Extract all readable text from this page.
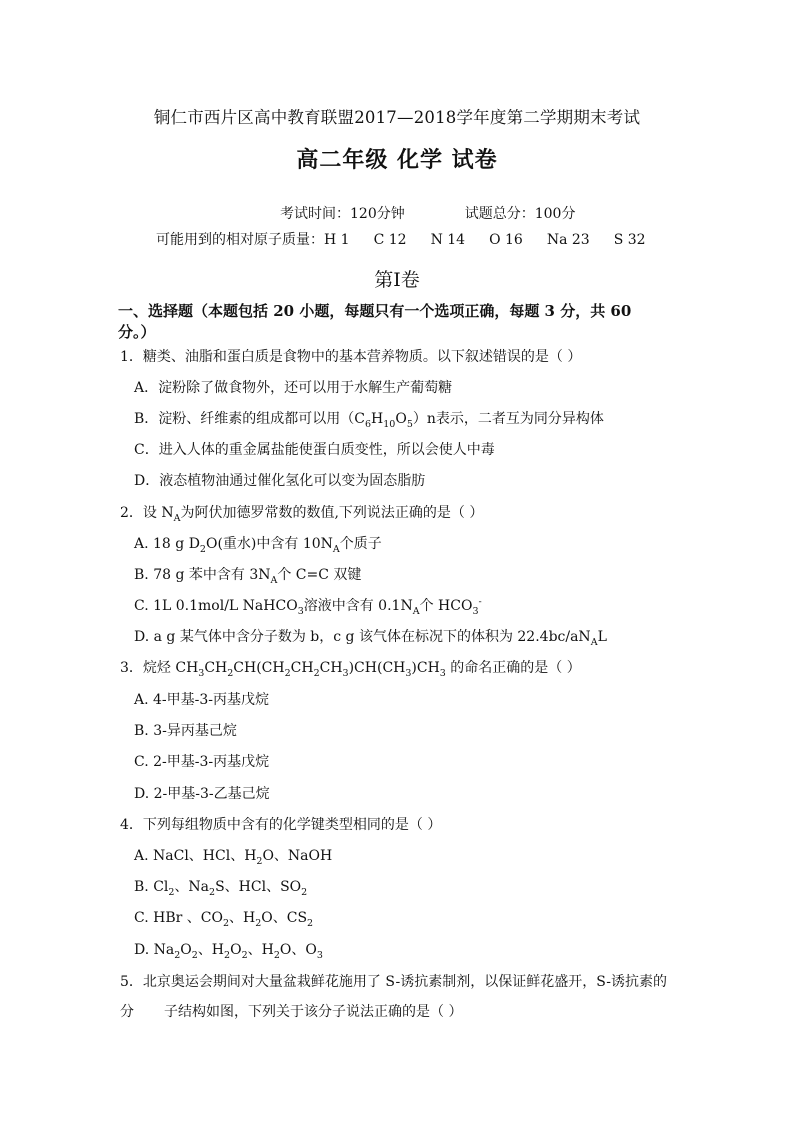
铜仁市西片区高中教育联盟2017—2018学年度第二学期期末考试
高二年级 化学 试卷
考试时间：120分钟	试题总分：100分
可能用到的相对原子质量：H 1 C 12 N 14 O 16 Na 23 S 32
第Ⅰ卷
一、选择题（本题包括 20 小题，每题只有一个选项正确，每题 3 分，共 60
分。）
1．糖类、油脂和蛋白质是食物中的基本营养物质。以下叙述错误的是（ ）
A．淀粉除了做食物外，还可以用于水解生产葡萄糖
B．淀粉、纤维素的组成都可以用$(C_6H_{10}O_5)n$表示，二者互为同分异构体
C．进入人体的重金属盐能使蛋白质变性，所以会使人中毒
D．液态植物油通过催化氢化可以变为固态脂肪
2．设 $N_A$为阿伏加德罗常数的数值,下列说法正确的是（ ）
A. 18 g $D_2O$(重水)中含有 $10N_A$个质子
B. 78 g 苯中含有 $3N_A$个 C=C 双键
C. 1L 0.1mol/L NaHCO$_3$溶液中含有 $0.1N_A$个 $HCO_3^-$
D. a g 某气体中含分子数为 b，c g 该气体在标况下的体积为 $22.4bc/aN_AL$
3．烷烃 $CH_3CH_2CH(CH_2CH_2CH_3)CH(CH_3)CH_3$ 的命名正确的是（ ）
A. 4-甲基-3-丙基戊烷
B. 3-异丙基己烷
C. 2-甲基-3-丙基戊烷
D. 2-甲基-3-乙基己烷
4．下列每组物质中含有的化学键类型相同的是（ ）
A. NaCl、HCl、$H_2O$、NaOH
B. $Cl_2$、$Na_2S$、HCl、$SO_2$
C. HBr 、$CO_2$、$H_2O$、$CS_2$
D. $Na_2O_2$、$H_2O_2$、$H_2O$、$O_3$
5．北京奥运会期间对大量盆栽鲜花施用了 S-诱抗素制剂，以保证鲜花盛开，S-诱抗素的
分 子结构如图，下列关于该分子说法正确的是（ ）
